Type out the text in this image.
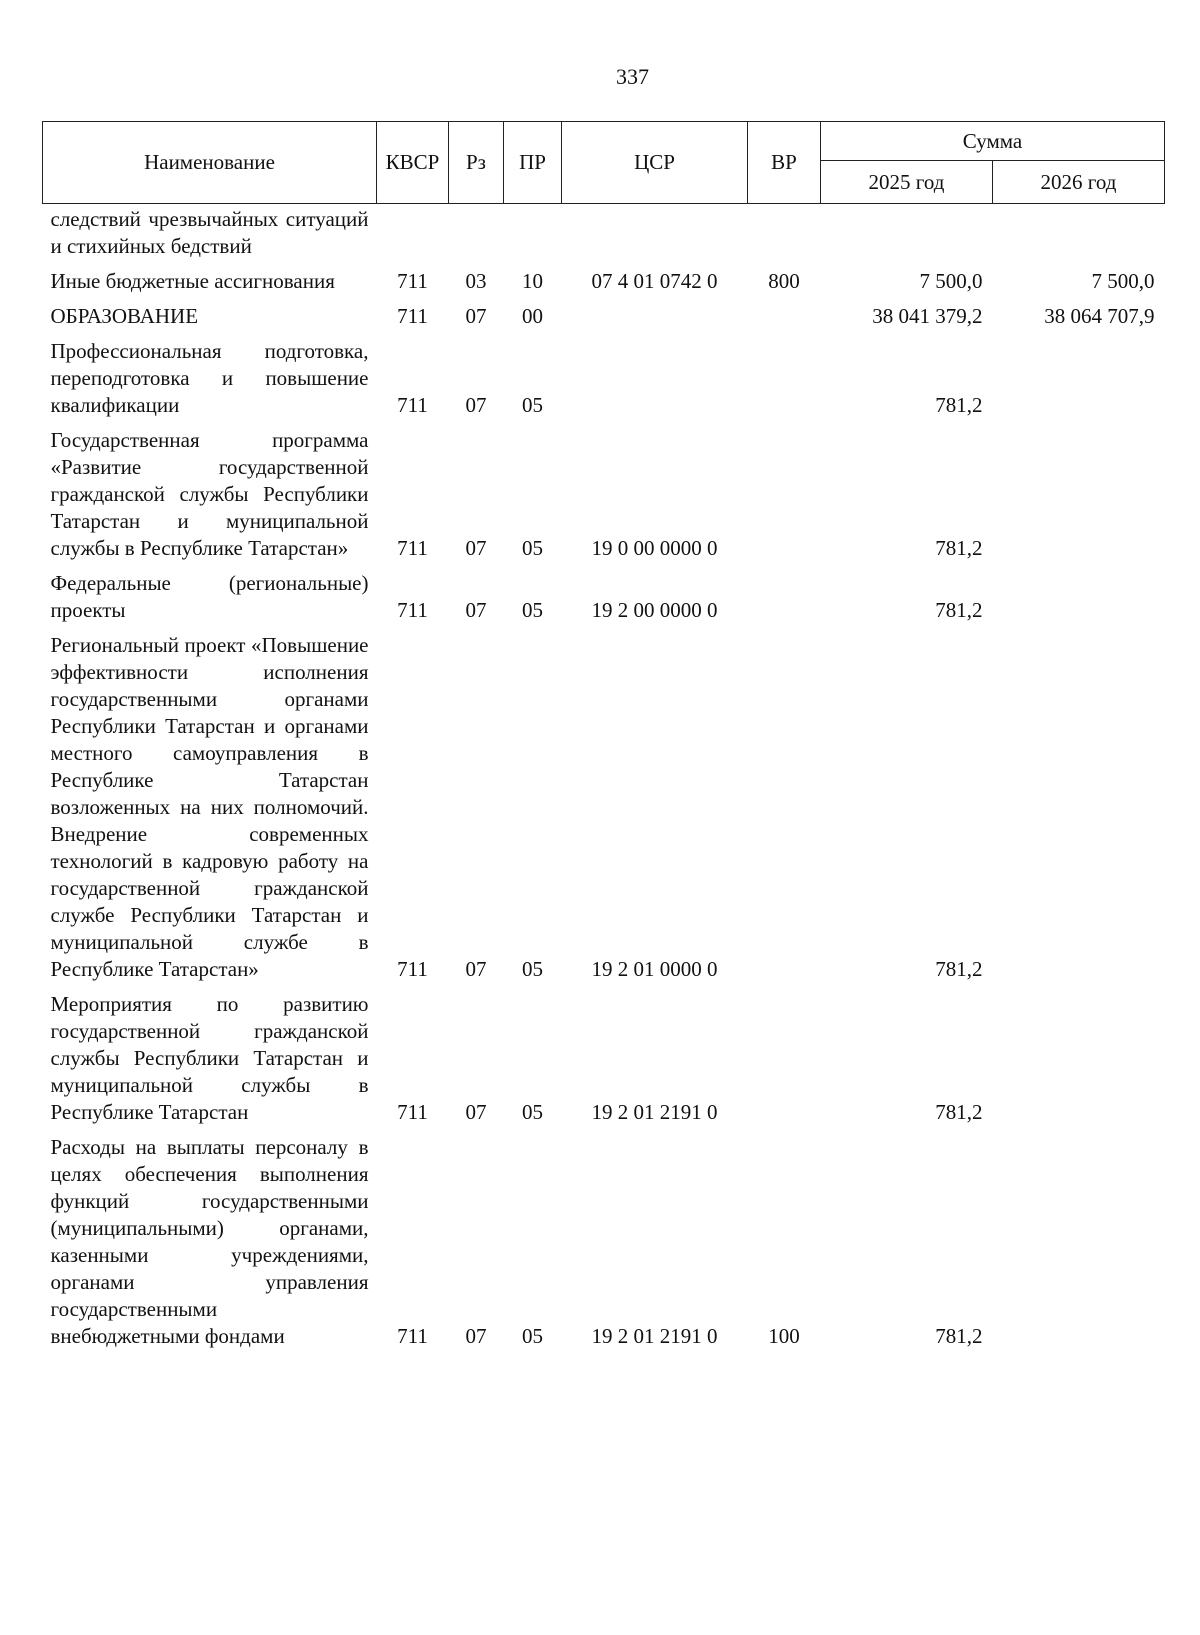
337
Наименование	КВСР	Рз	ПР	ЦСР	ВР	Сумма	
						2025 год	2026 год
следствий чрезвычайных ситуаций и стихийных бедствий							
Иные бюджетные ассигнования	711	03	10	07 4 01 0742 0	800	7 500,0	7 500,0
ОБРАЗОВАНИЕ	711	07	00			38 041 379,2	38 064 707,9
Профессиональная подготовка, переподготовка и повышение квалификации	711	07	05			781,2	
Государственная программа «Развитие государственной гражданской службы Республики Татарстан и муниципальной службы в Республике Татарстан»	711	07	05	19 0 00 0000 0		781,2	
Федеральные (региональные) проекты	711	07	05	19 2 00 0000 0		781,2	
Региональный проект «Повышение эффективности исполнения государственными органами Республики Татарстан и органами местного самоуправления в Республике Татарстан возложенных на них полномочий. Внедрение современных технологий в кадровую работу на государственной гражданской службе Республики Татарстан и муниципальной службе в Республике Татарстан»	711	07	05	19 2 01 0000 0		781,2	
Мероприятия по развитию государственной гражданской службы Республики Татарстан и муниципальной службы в Республике Татарстан	711	07	05	19 2 01 2191 0		781,2	
Расходы на выплаты персоналу в целях обеспечения выполнения функций государственными (муниципальными) органами, казенными учреждениями, органами управления государственными внебюджетными фондами	711	07	05	19 2 01 2191 0	100	781,2	
